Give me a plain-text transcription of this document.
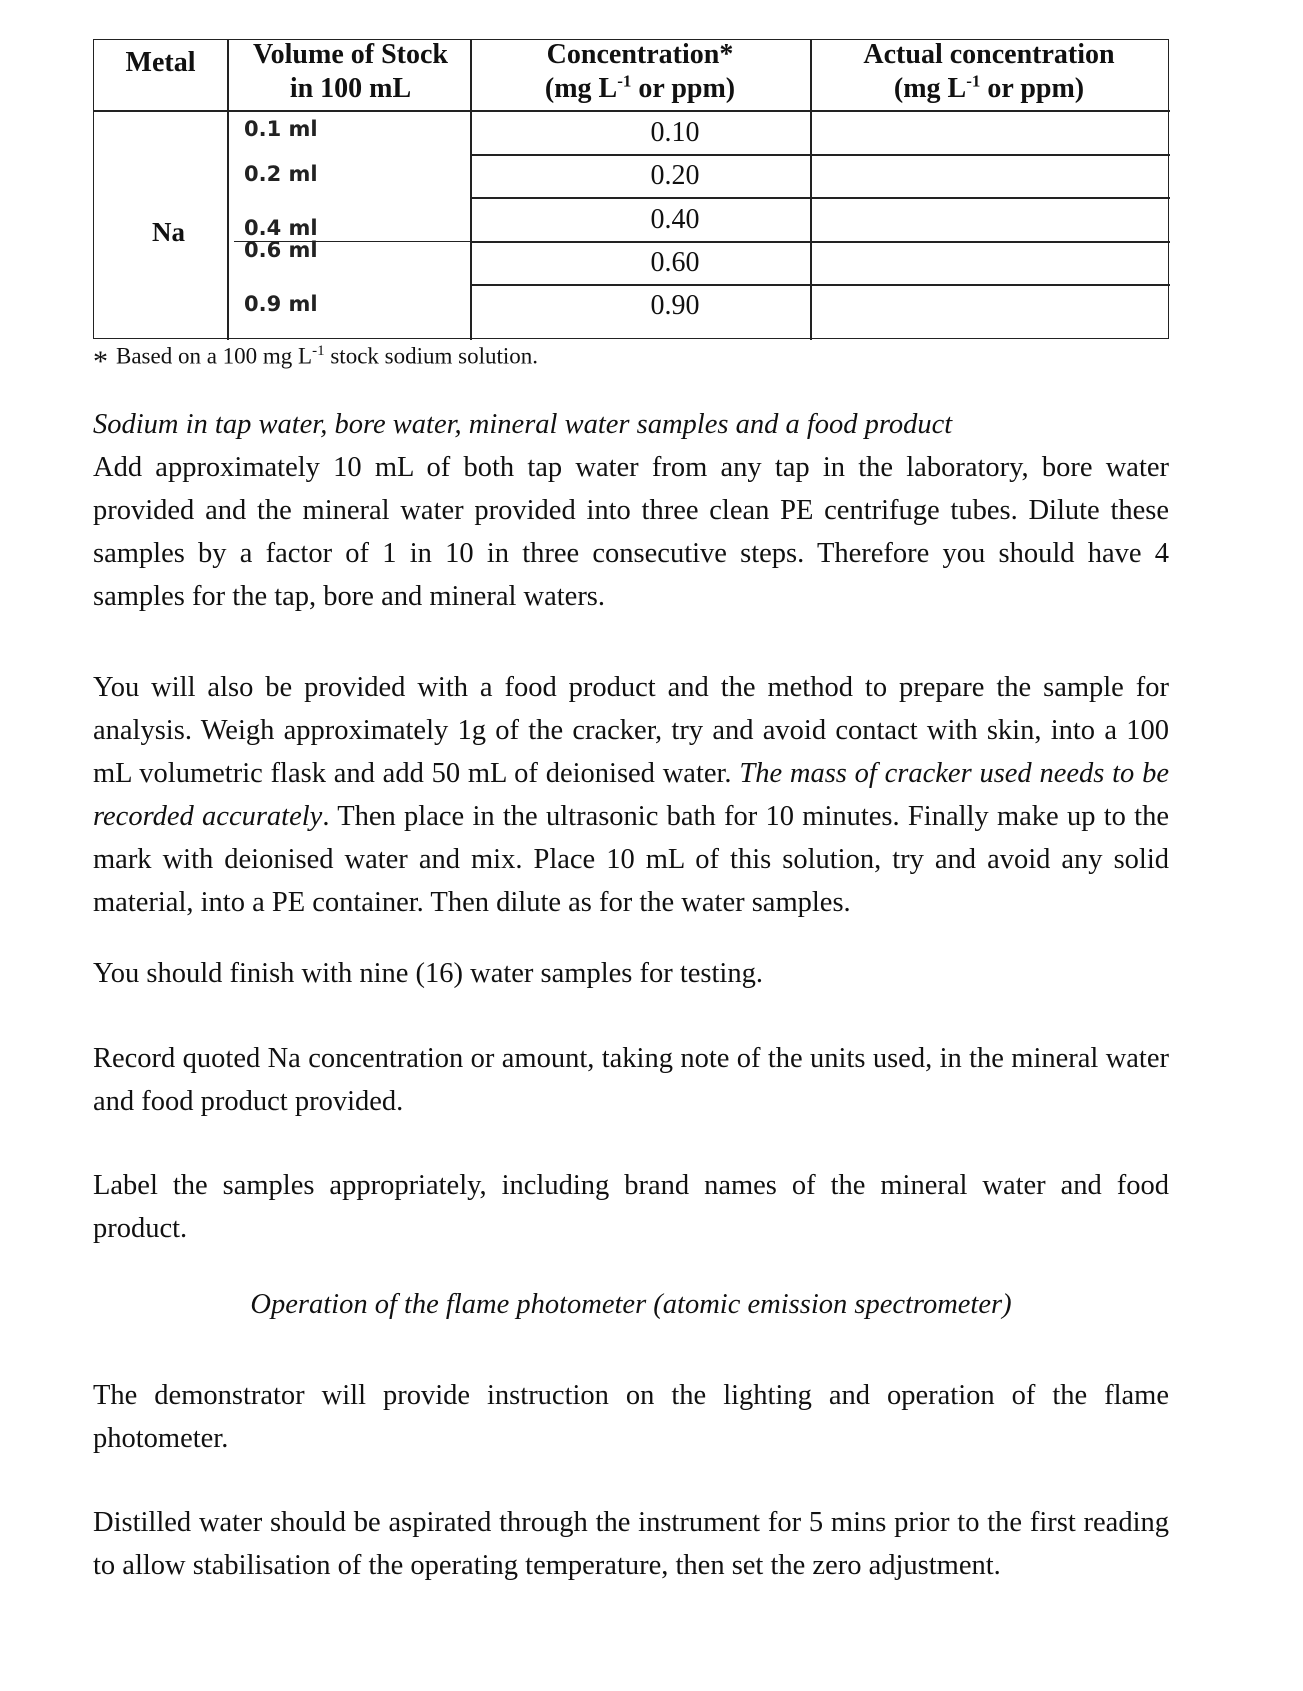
Metal	Volume of Stock
in 100 mL
Concentration*
(mg $L^{-1}$ or ppm)
Actual concentration
(mg $L^{-1}$ or ppm)
Na
0.1 ml
0.2 ml
0.4 ml
0.6 ml
0.9 ml
0.10
0.20
0.40
0.60
0.90
* Based on a 100 mg $L^{-1}$ stock sodium solution.
Sodium in tap water, bore water, mineral water samples and a food product
Add approximately 10 mL of both tap water from any tap in the laboratory, bore water provided and the mineral water provided into three clean PE centrifuge tubes. Dilute these samples by a factor of 1 in 10 in three consecutive steps. Therefore you should have 4 samples for the tap, bore and mineral waters.
You will also be provided with a food product and the method to prepare the sample for analysis. Weigh approximately 1g of the cracker, try and avoid contact with skin, into a 100 mL volumetric flask and add 50 mL of deionised water. The mass of cracker used needs to be recorded accurately. Then place in the ultrasonic bath for 10 minutes. Finally make up to the mark with deionised water and mix. Place 10 mL of this solution, try and avoid any solid material, into a PE container. Then dilute as for the water samples.
You should finish with nine (16) water samples for testing.
Record quoted Na concentration or amount, taking note of the units used, in the mineral water and food product provided.
Label the samples appropriately, including brand names of the mineral water and food product.
Operation of the flame photometer (atomic emission spectrometer)
The demonstrator will provide instruction on the lighting and operation of the flame photometer.
Distilled water should be aspirated through the instrument for 5 mins prior to the first reading to allow stabilisation of the operating temperature, then set the zero adjustment.
